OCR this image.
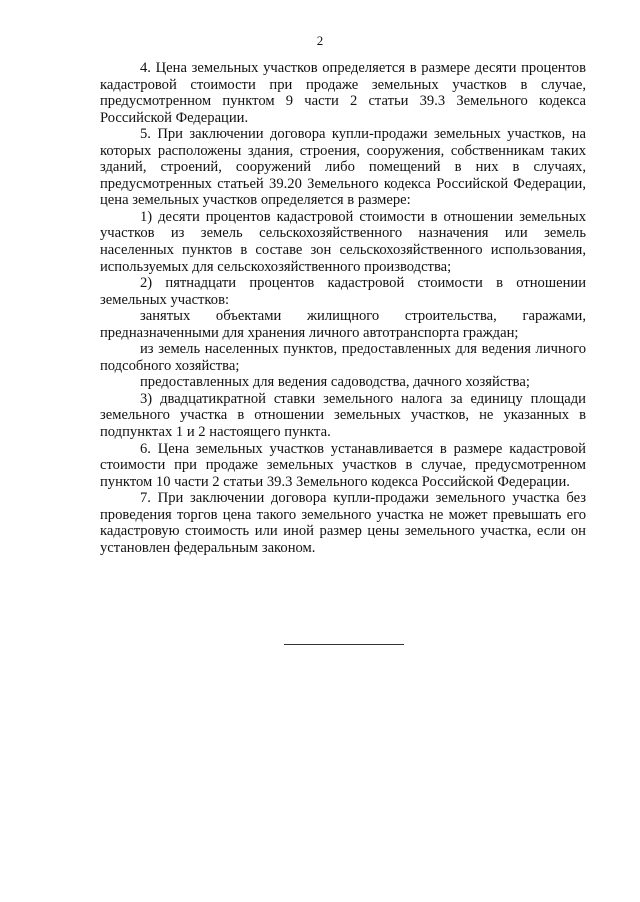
2

4. Цена земельных участков определяется в размере десяти процентов кадастровой стоимости при продаже земельных участков в случае, предусмотренном пунктом 9 части 2 статьи 39.3 Земельного кодекса Российской Федерации.

5. При заключении договора купли-продажи земельных участков, на которых расположены здания, строения, сооружения, собственникам таких зданий, строений, сооружений либо помещений в них в случаях, предусмотренных статьей 39.20 Земельного кодекса Российской Федерации, цена земельных участков определяется в размере:

1) десяти процентов кадастровой стоимости в отношении земельных участков из земель сельскохозяйственного назначения или земель населенных пунктов в составе зон сельскохозяйственного использования, используемых для сельскохозяйственного производства;

2) пятнадцати процентов кадастровой стоимости в отношении земельных участков:

занятых объектами жилищного строительства, гаражами, предназначенными для хранения личного автотранспорта граждан;

из земель населенных пунктов, предоставленных для ведения личного подсобного хозяйства;

предоставленных для ведения садоводства, дачного хозяйства;

3) двадцатикратной ставки земельного налога за единицу площади земельного участка в отношении земельных участков, не указанных в подпунктах 1 и 2 настоящего пункта.

6. Цена земельных участков устанавливается в размере кадастровой стоимости при продаже земельных участков в случае, предусмотренном пунктом 10 части 2 статьи 39.3 Земельного кодекса Российской Федерации.

7. При заключении договора купли-продажи земельного участка без проведения торгов цена такого земельного участка не может превышать его кадастровую стоимость или иной размер цены земельного участка, если он установлен федеральным законом.
